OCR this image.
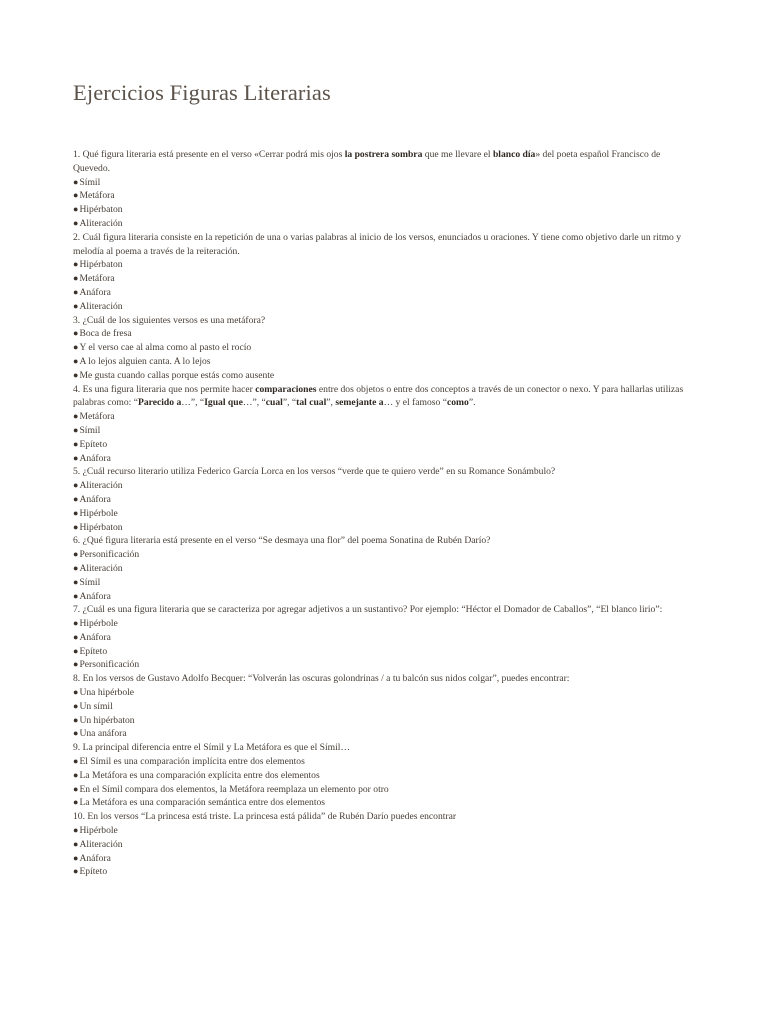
Ejercicios Figuras Literarias

1. Qué figura literaria está presente en el verso «Cerrar podrá mis ojos la postrera sombra que me llevare el blanco día» del poeta español Francisco de Quevedo.

●Símil
●Metáfora
●Hipérbaton
●Aliteración

2. Cuál figura literaria consiste en la repetición de una o varias palabras al inicio de los versos, enunciados u oraciones. Y tiene como objetivo darle un ritmo y melodía al poema a través de la reiteración.

●Hipérbaton
●Metáfora
●Anáfora
●Aliteración

3. ¿Cuál de los siguientes versos es una metáfora?

●Boca de fresa
●Y el verso cae al alma como al pasto el rocío
●A lo lejos alguien canta. A lo lejos
●Me gusta cuando callas porque estás como ausente

4. Es una figura literaria que nos permite hacer comparaciones entre dos objetos o entre dos conceptos a través de un conector o nexo. Y para hallarlas utilizas palabras como: “Parecido a…”, “Igual que…”, “cual”, “tal cual”, semejante a… y el famoso “como”.

●Metáfora
●Símil
●Epíteto
●Anáfora

5. ¿Cuál recurso literario utiliza Federico García Lorca en los versos “verde que te quiero verde” en su Romance Sonámbulo?

●Aliteración
●Anáfora
●Hipérbole
●Hipérbaton

6. ¿Qué figura literaria está presente en el verso “Se desmaya una flor” del poema Sonatina de Rubén Darío?

●Personificación
●Aliteración
●Símil
●Anáfora

7. ¿Cuál es una figura literaria que se caracteriza por agregar adjetivos a un sustantivo? Por ejemplo: “Héctor el Domador de Caballos”, “El blanco lirio”:

●Hipérbole
●Anáfora
●Epíteto
●Personificación

8. En los versos de Gustavo Adolfo Becquer: “Volverán las oscuras golondrinas / a tu balcón sus nidos colgar”, puedes encontrar:

●Una hipérbole
●Un símil
●Un hipérbaton
●Una anáfora

9. La principal diferencia entre el Símil y La Metáfora es que el Símil…

●El Símil es una comparación implícita entre dos elementos
●La Metáfora es una comparación explícita entre dos elementos
●En el Símil compara dos elementos, la Metáfora reemplaza un elemento por otro
●La Metáfora es una comparación semántica entre dos elementos

10. En los versos “La princesa está triste. La princesa está pálida” de Rubén Darío puedes encontrar

●Hipérbole
●Aliteración
●Anáfora
●Epíteto
